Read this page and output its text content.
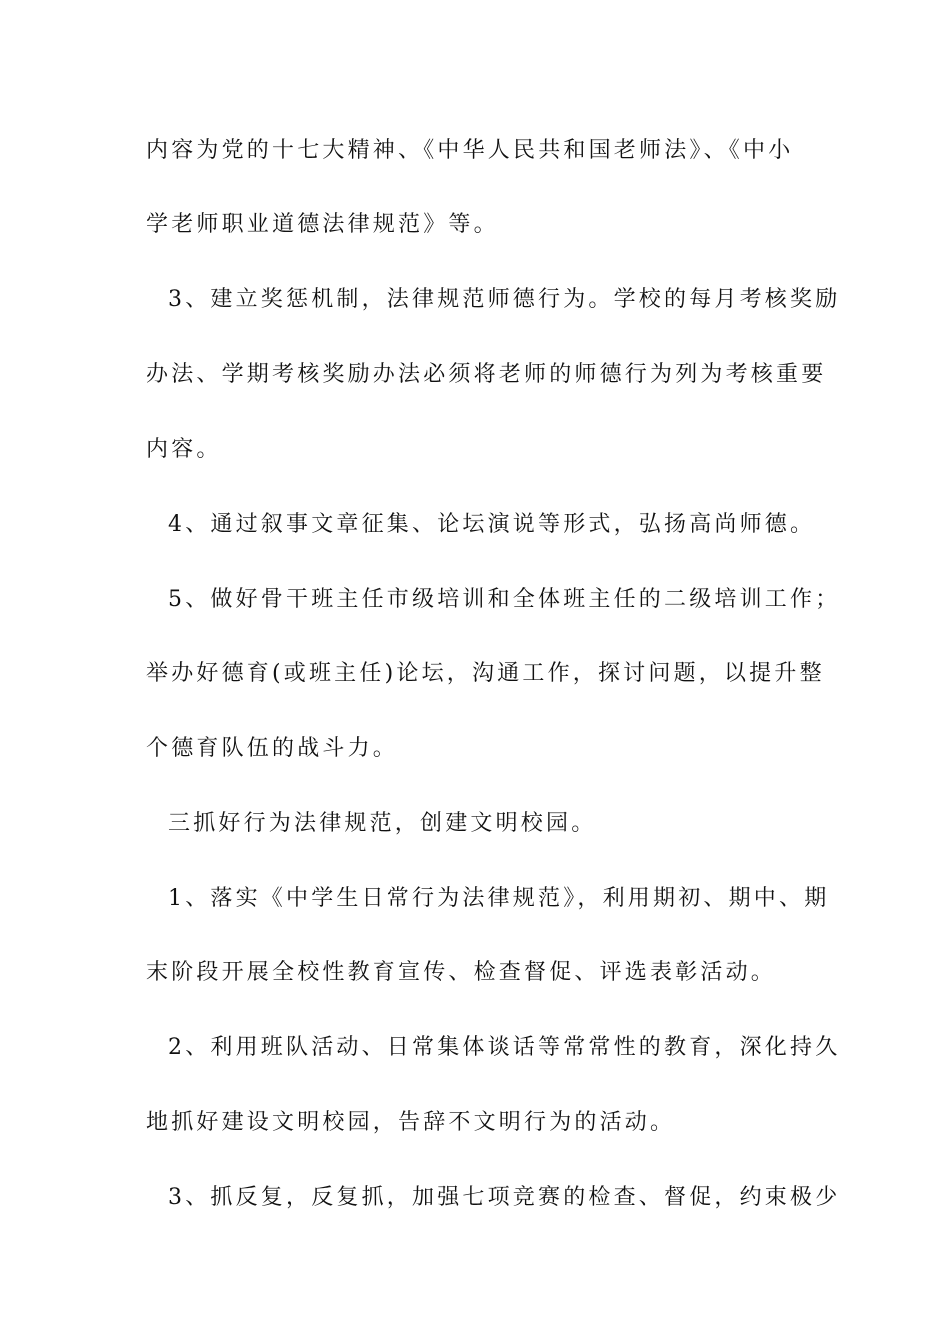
内容为党的十七大精神、《中华人民共和国老师法》、《中小
学老师职业道德法律规范》等。
3、建立奖惩机制，法律规范师德行为。学校的每月考核奖励
办法、学期考核奖励办法必须将老师的师德行为列为考核重要
内容。
4、通过叙事文章征集、论坛演说等形式，弘扬高尚师德。
5、做好骨干班主任市级培训和全体班主任的二级培训工作；
举办好德育(或班主任)论坛，沟通工作，探讨问题，以提升整
个德育队伍的战斗力。
三抓好行为法律规范，创建文明校园。
1、落实《中学生日常行为法律规范》，利用期初、期中、期
末阶段开展全校性教育宣传、检查督促、评选表彰活动。
2、利用班队活动、日常集体谈话等常常性的教育，深化持久
地抓好建设文明校园，告辞不文明行为的活动。
3、抓反复，反复抓，加强七项竞赛的检查、督促，约束极少
